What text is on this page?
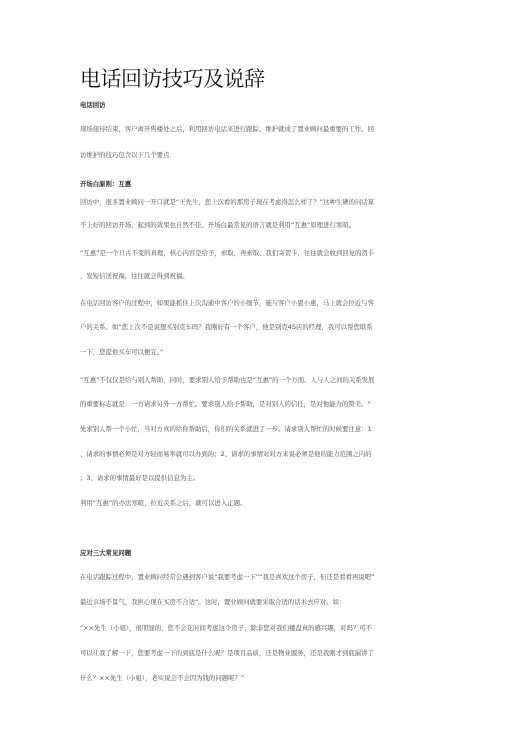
电话回访技巧及说辞
电话回访
现场接待结束，客户离开售楼处之后，利用回访电话来进行跟踪、维护就成了置业顾问最重要的工作。回
访维护的技巧包含以下几个要点：
开场白原则：互惠
回访中，很多置业顾问一开口就是“王先生，您上次看的那房子现在考虑得怎么样了？”这种生硬的问话算
不上好的回访开场，起到的效果也自然不佳。开场白最常见的语言就是利用“互惠”原理进行寒暄。
“互惠”是一个亘古不变的真理，核心内容是给予，索取，再索取。我们寄贺卡，往往就会收到回复的贺卡
，发短信送祝福，往往就会得到祝福。
在电话回访客户的过程中，如果能抓住上次沟通中客户的小细节，施与客户小恩小惠，马上就会拉近与客
户的关系。如“您上次不是说想买别克车吗？我刚好有一个客户，他是别克4S店的经理，我可以帮您联系
一下，您提他买车可以便宜。”
“互惠”不仅仅是给与别人帮助，同时，要求别人给予帮助也是“互惠”的一个方面。人与人之间的关系发展
的重要标志就是：一方请求另外一方帮忙。要求别人给予帮助，是对别人的信任，是对他能力的赞美。“
先求别人帮一个小忙，当对方真的给你帮助后，你们的关系就进了一步。请求别人帮忙的时候要注意：1
、请求的事情必须是对方轻而易举就可以办到的；2、请求的事情对对方来说必须是他的能力范围之内的
；3、请求的事情最好是以提供信息为主。
利用“互惠”的办法寒暄，拉近关系之后，就可以进入正题。
应对三大常见问题
在电话跟踪过程中，置业顾问经常会遇到客户说“我要考虑一下”“我是喜欢这个房子，但还是看看再说吧”
最近市场不景气，我担心现在买房不合适”。这时，置业顾问就要采取合适的话术去应对。如：
“××先生（小姐），很明显的，您不会花时间考虑这个房子，除非您对我们楼盘真的感兴趣，对吗？可不
可以让我了解一下，您要考虑一下的到底是什么呢？是项目品质，还是物业服务，还是我刚才到底漏讲了
什么？××先生（小姐），老实说会不会因为钱的问题呢？”
